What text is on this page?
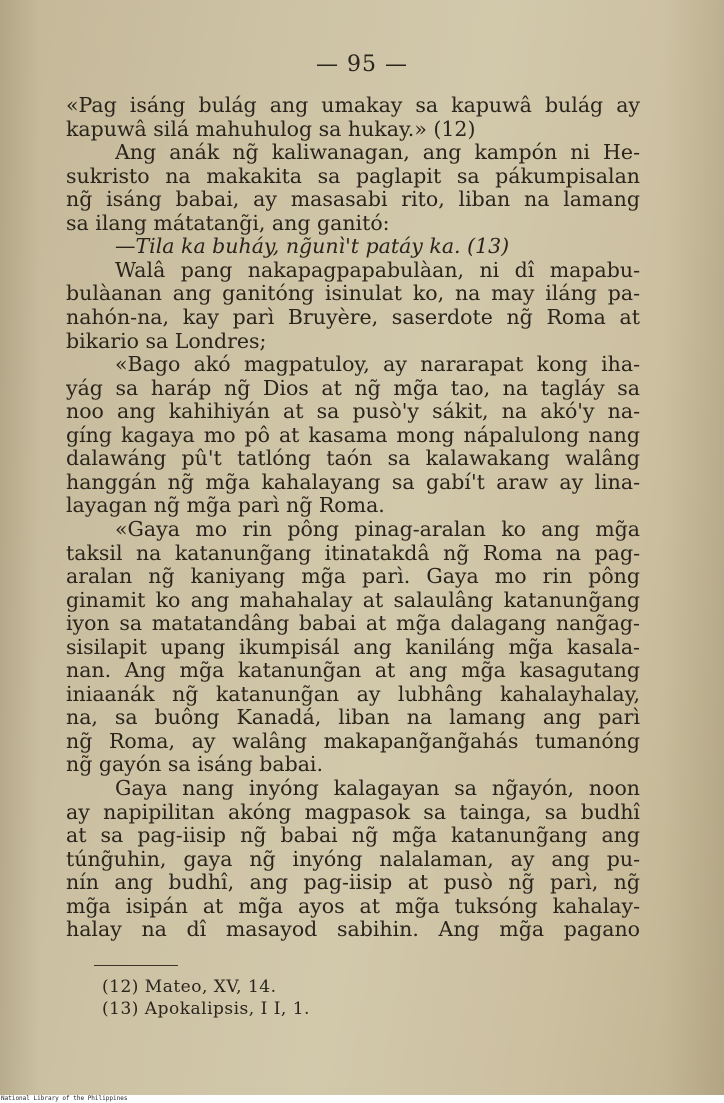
— 95 —
«Pag isáng bulág ang umakay sa kapuwâ bulág ay
kapuwâ silá mahuhulog sa hukay.» (12)
Ang anák ng̃ kaliwanagan, ang kampón ni He-
sukristo na makakita sa paglapit sa pákumpisalan
ng̃ isáng babai, ay masasabi rito, liban na lamang
sa ilang mátatang̃i, ang ganitó:
—Tila ka buháy, ng̃unì't patáy ka. (13)
Walâ pang nakapagpapabulàan, ni dî mapabu-
bulàanan ang ganitóng isinulat ko, na may iláng pa-
nahón-na, kay parì Bruyère, saserdote ng̃ Roma at
bikario sa Londres;
«Bago akó magpatuloy, ay nararapat kong iha-
yág sa haráp ng̃ Dios at ng̃ mg̃a tao, na tagláy sa
noo ang kahihiyán at sa pusò'y sákit, na akó'y na-
gíng kagaya mo pô at kasama mong nápalulong nang
dalawáng pû't tatlóng taón sa kalawakang walâng
hanggán ng̃ mg̃a kahalayang sa gabí't araw ay lina-
layagan ng̃ mg̃a parì ng̃ Roma.
«Gaya mo rin pông pinag-aralan ko ang mg̃a
taksil na katanung̃ang itinatakdâ ng̃ Roma na pag-
aralan ng̃ kaniyang mg̃a parì. Gaya mo rin pông
ginamit ko ang mahahalay at salaulâng katanung̃ang
iyon sa matatandâng babai at mg̃a dalagang nang̃ag-
sisilapit upang ikumpisál ang kaniláng mg̃a kasala-
nan. Ang mg̃a katanung̃an at ang mg̃a kasagutang
iniaanák ng̃ katanung̃an ay lubhâng kahalayhalay,
na, sa buông Kanadá, liban na lamang ang parì
ng̃ Roma, ay walâng makapang̃ang̃ahás tumanóng
ng̃ gayón sa isáng babai.
Gaya nang inyóng kalagayan sa ng̃ayón, noon
ay napipilitan akóng magpasok sa tainga, sa budhî
at sa pag-iisip ng̃ babai ng̃ mg̃a katanung̃ang ang
túng̃uhin, gaya ng̃ inyóng nalalaman, ay ang pu-
nín ang budhî, ang pag-iisip at pusò ng̃ parì, ng̃
mg̃a isipán at mg̃a ayos at mg̃a tuksóng kahalay-
halay na dî masayod sabihin. Ang mg̃a pagano
(12) Mateo, XV, 14.
(13) Apokalipsis, I I, 1.
National Library of the Philippines
